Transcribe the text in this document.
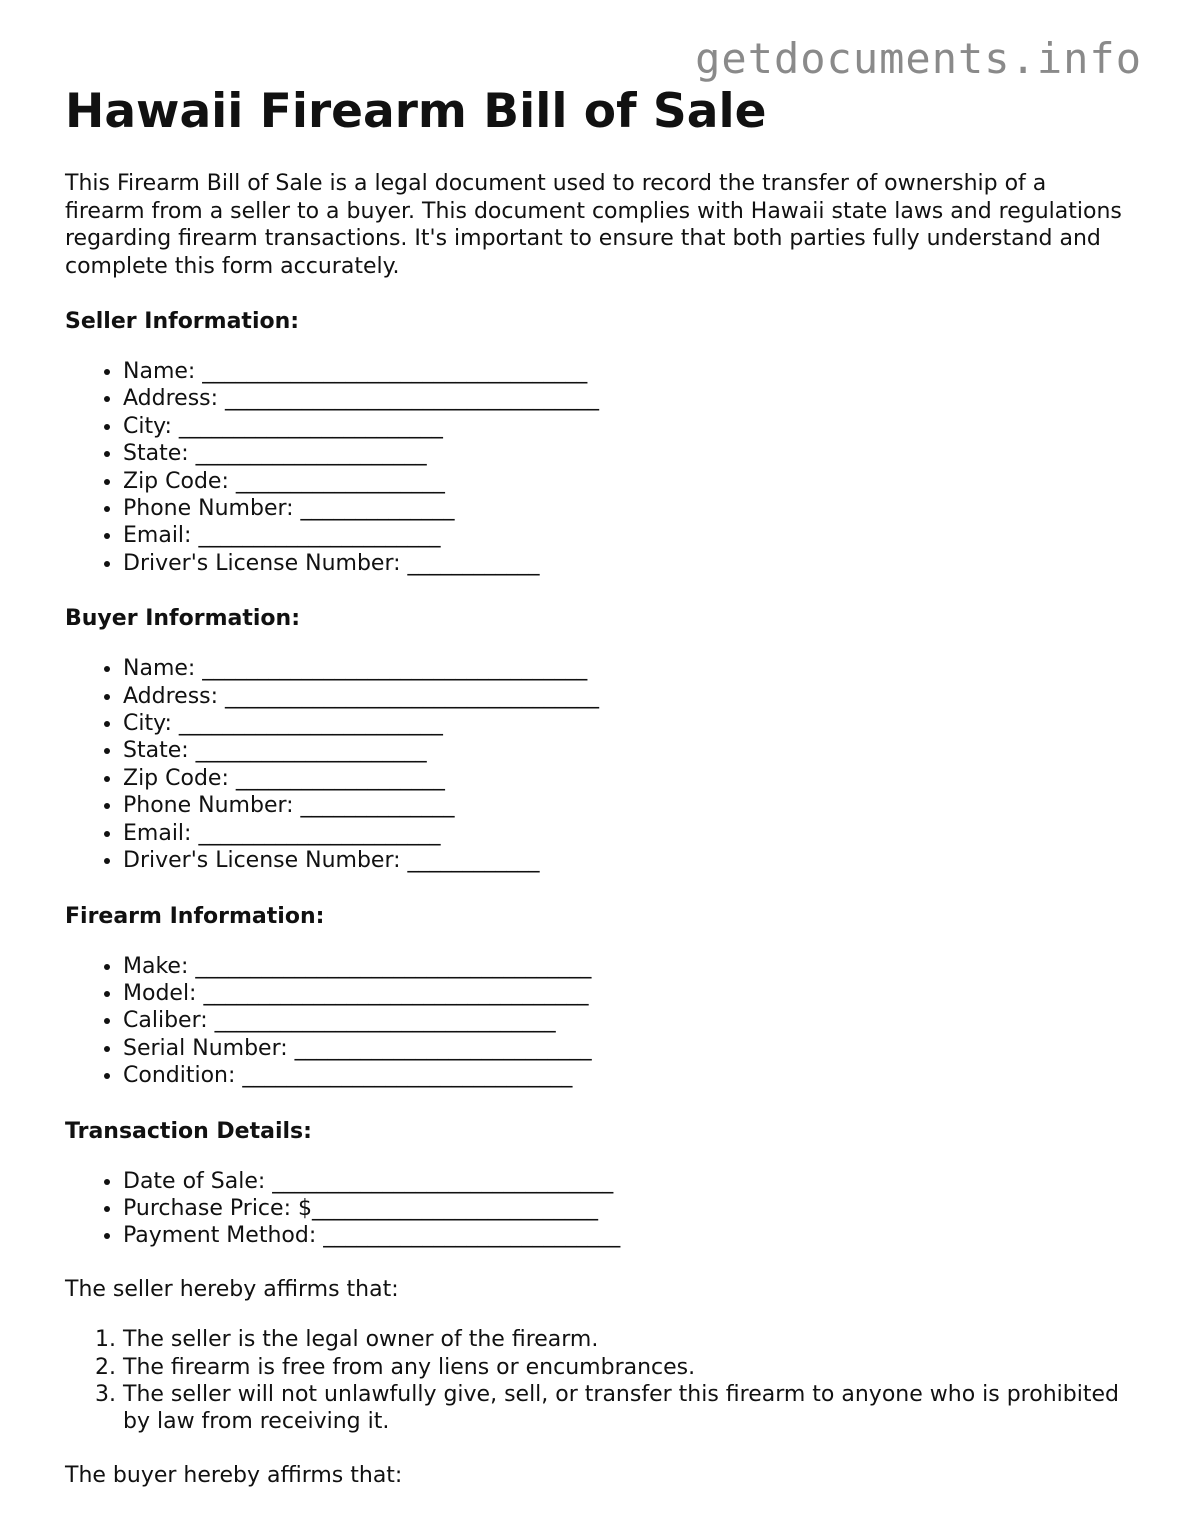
getdocuments.info
Hawaii Firearm Bill of Sale

This Firearm Bill of Sale is a legal document used to record the transfer of ownership of a firearm from a seller to a buyer. This document complies with Hawaii state laws and regulations regarding firearm transactions. It's important to ensure that both parties fully understand and complete this form accurately.

Seller Information:
• Name: ___________________________________
• Address: __________________________________
• City: ________________________
• State: _____________________
• Zip Code: ___________________
• Phone Number: ______________
• Email: ______________________
• Driver's License Number: ____________
Buyer Information:
• Name: ___________________________________
• Address: __________________________________
• City: ________________________
• State: _____________________
• Zip Code: ___________________
• Phone Number: ______________
• Email: ______________________
• Driver's License Number: ____________
Firearm Information:
• Make: ____________________________________
• Model: ___________________________________
• Caliber: _______________________________
• Serial Number: ___________________________
• Condition: ______________________________
Transaction Details:
• Date of Sale: _______________________________
• Purchase Price: $__________________________
• Payment Method: ___________________________

The seller hereby affirms that:

1. The seller is the legal owner of the firearm.
2. The firearm is free from any liens or encumbrances.
3. The seller will not unlawfully give, sell, or transfer this firearm to anyone who is prohibited by law from receiving it.

The buyer hereby affirms that:
